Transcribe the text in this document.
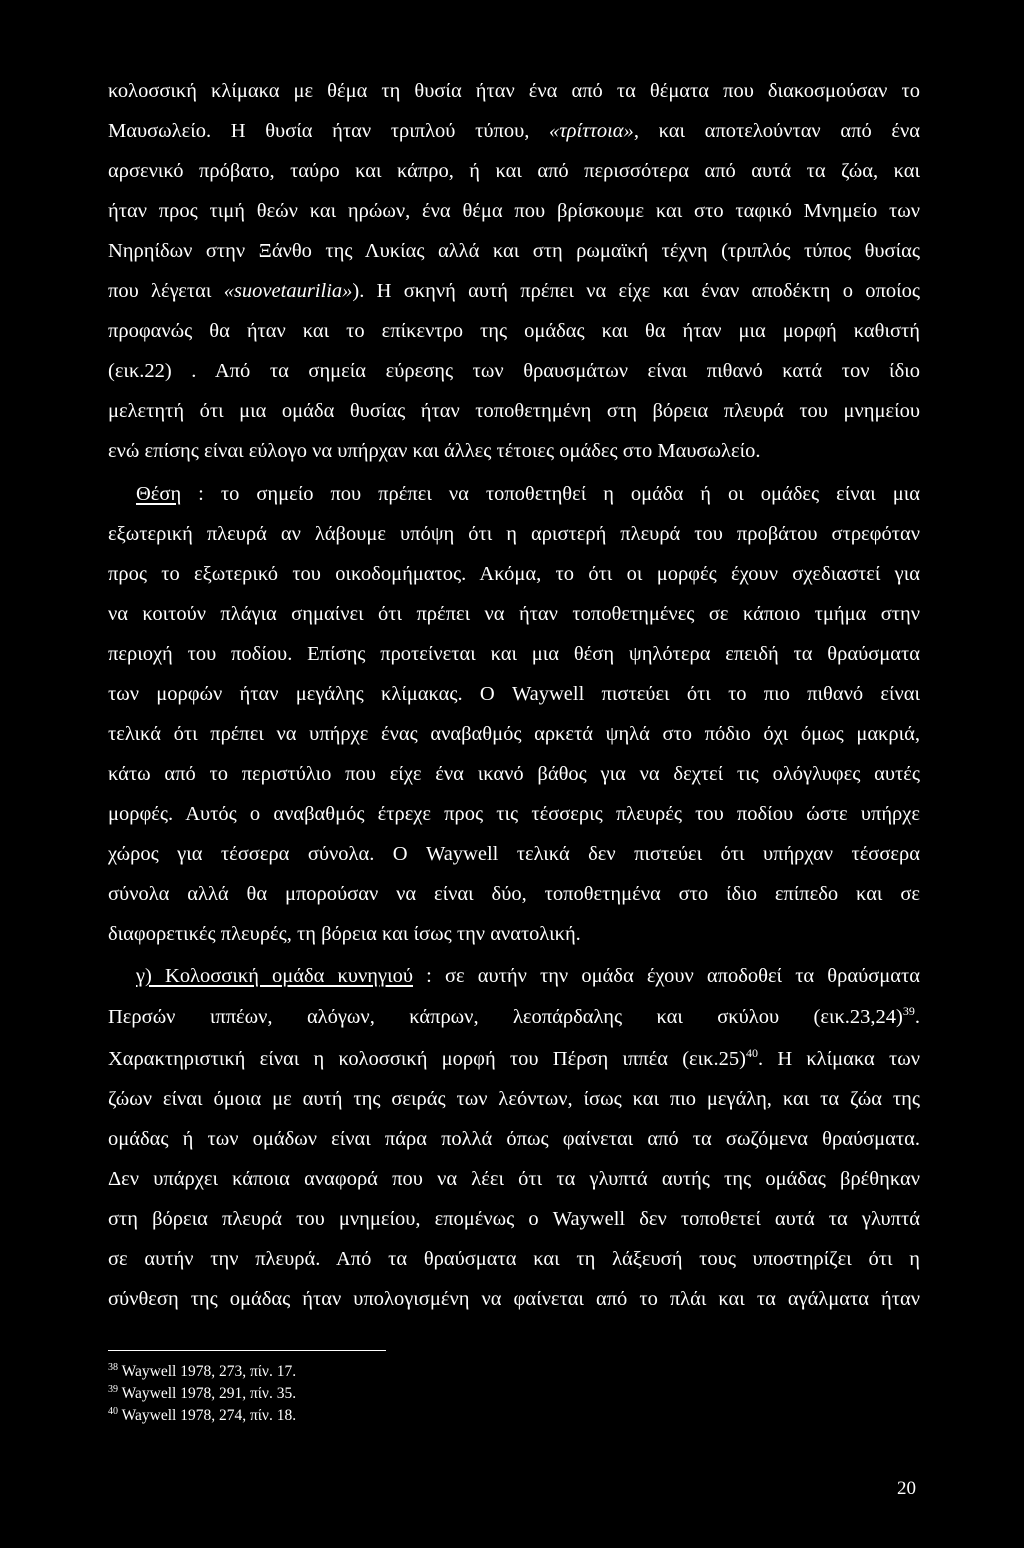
κολοσσική κλίμακα με θέμα τη θυσία ήταν ένα από τα θέματα που διακοσμούσαν το
Μαυσωλείο. Η θυσία ήταν τριπλού τύπου, «τρίττοια», και αποτελούνταν από ένα
αρσενικό πρόβατο, ταύρο και κάπρο, ή και από περισσότερα από αυτά τα ζώα, και
ήταν προς τιμή θεών και ηρώων, ένα θέμα που βρίσκουμε και στο ταφικό Μνημείο των
Νηρηίδων στην Ξάνθο της Λυκίας αλλά και στη ρωμαϊκή τέχνη (τριπλός τύπος θυσίας
που λέγεται «suovetaurilia»). Η σκηνή αυτή πρέπει να είχε και έναν αποδέκτη ο οποίος
προφανώς θα ήταν και το επίκεντρο της ομάδας και θα ήταν μια μορφή καθιστή
(εικ.22) . Από τα σημεία εύρεσης των θραυσμάτων είναι πιθανό κατά τον ίδιο
μελετητή ότι μια ομάδα θυσίας ήταν τοποθετημένη στη βόρεια πλευρά του μνημείου
ενώ επίσης είναι εύλογο να υπήρχαν και άλλες τέτοιες ομάδες στο Μαυσωλείο.
Θέση : το σημείο που πρέπει να τοποθετηθεί η ομάδα ή οι ομάδες είναι μια
εξωτερική πλευρά αν λάβουμε υπόψη ότι η αριστερή πλευρά του προβάτου στρεφόταν
προς το εξωτερικό του οικοδομήματος. Ακόμα, το ότι οι μορφές έχουν σχεδιαστεί για
να κοιτούν πλάγια σημαίνει ότι πρέπει να ήταν τοποθετημένες σε κάποιο τμήμα στην
περιοχή του ποδίου. Επίσης προτείνεται και μια θέση ψηλότερα επειδή τα θραύσματα
των μορφών ήταν μεγάλης κλίμακας. Ο Waywell πιστεύει ότι το πιο πιθανό είναι
τελικά ότι πρέπει να υπήρχε ένας αναβαθμός αρκετά ψηλά στο πόδιο όχι όμως μακριά,
κάτω από το περιστύλιο που είχε ένα ικανό βάθος για να δεχτεί τις ολόγλυφες αυτές
μορφές. Αυτός ο αναβαθμός έτρεχε προς τις τέσσερις πλευρές του ποδίου ώστε υπήρχε
χώρος για τέσσερα σύνολα. Ο Waywell τελικά δεν πιστεύει ότι υπήρχαν τέσσερα
σύνολα αλλά θα μπορούσαν να είναι δύο, τοποθετημένα στο ίδιο επίπεδο και σε
διαφορετικές πλευρές, τη βόρεια και ίσως την ανατολική.
γ) Κολοσσική ομάδα κυνηγιού : σε αυτήν την ομάδα έχουν αποδοθεί τα θραύσματα
Περσών ιππέων, αλόγων, κάπρων, λεοπάρδαλης και σκύλου $(\varepsilon\iota\kappa.23,24)^{39}$.
Χαρακτηριστική είναι η κολοσσική μορφή του Πέρση ιππέα $(\varepsilon\iota\kappa.25)^{40}$. Η κλίμακα των
ζώων είναι όμοια με αυτή της σειράς των λεόντων, ίσως και πιο μεγάλη, και τα ζώα της
ομάδας ή των ομάδων είναι πάρα πολλά όπως φαίνεται από τα σωζόμενα θραύσματα.
Δεν υπάρχει κάποια αναφορά που να λέει ότι τα γλυπτά αυτής της ομάδας βρέθηκαν
στη βόρεια πλευρά του μνημείου, επομένως ο Waywell δεν τοποθετεί αυτά τα γλυπτά
σε αυτήν την πλευρά. Από τα θραύσματα και τη λάξευσή τους υποστηρίζει ότι η
σύνθεση της ομάδας ήταν υπολογισμένη να φαίνεται από το πλάι και τα αγάλματα ήταν
$^{38}$ Waywell 1978, 273, πίν. 17.
$^{39}$ Waywell 1978, 291, πίν. 35.
$^{40}$ Waywell 1978, 274, πίν. 18.
20
